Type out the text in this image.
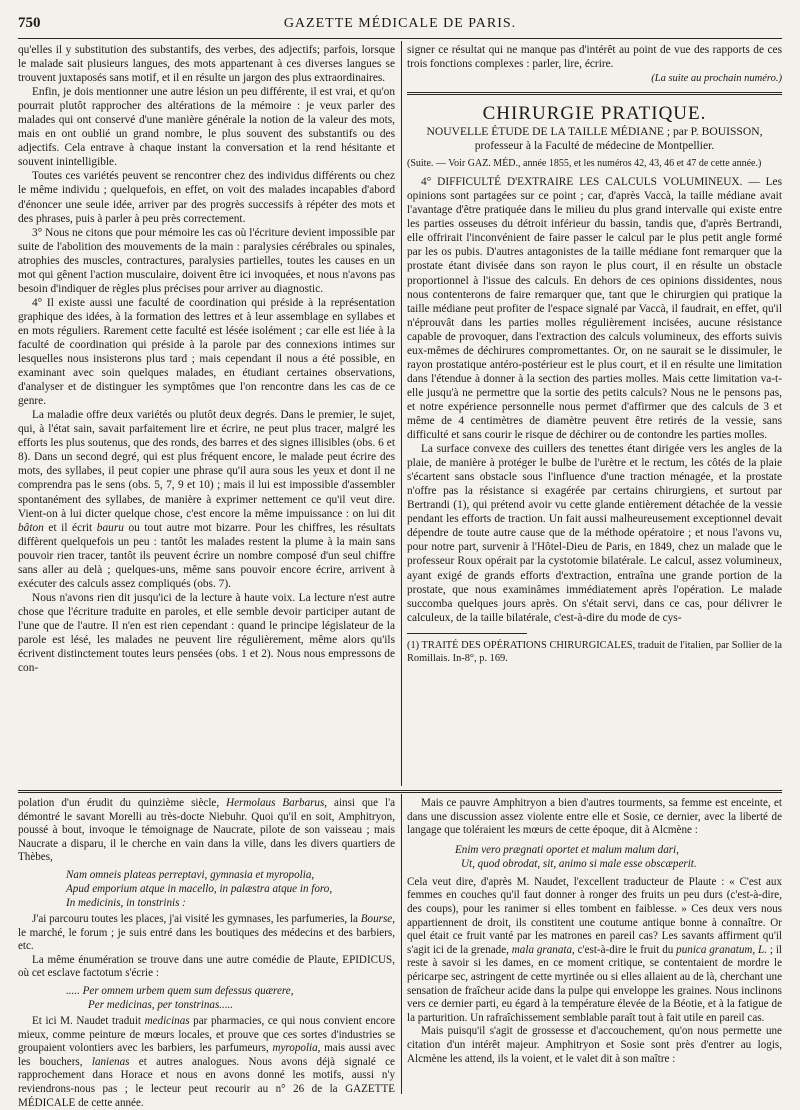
750	GAZETTE MÉDICALE DE PARIS.

qu'elles il y substitution des substantifs, des verbes, des adjectifs; parfois, lorsque le malade sait plusieurs langues, des mots appartenant à ces diverses langues se trouvent juxtaposés sans motif, et il en résulte un jargon des plus extraordinaires.

Enfin, je dois mentionner une autre lésion un peu différente, il est vrai, et qu'on pourrait plutôt rapprocher des altérations de la mémoire : je veux parler des malades qui ont conservé d'une manière générale la notion de la valeur des mots, mais en ont oublié un grand nombre, le plus souvent des substantifs ou des adjectifs. Cela entrave à chaque instant la conversation et la rend hésitante et souvent inintelligible.

Toutes ces variétés peuvent se rencontrer chez des individus différents ou chez le même individu ; quelquefois, en effet, on voit des malades incapables d'abord d'énoncer une seule idée, arriver par des progrès successifs à répéter des mots et des phrases, puis à parler à peu près correctement.

3° Nous ne citons que pour mémoire les cas où l'écriture devient impossible par suite de l'abolition des mouvements de la main : paralysies cérébrales ou spinales, atrophies des muscles, contractures, paralysies partielles, toutes les causes en un mot qui gênent l'action musculaire, doivent être ici invoquées, et nous n'avons pas besoin d'indiquer de règles plus précises pour arriver au diagnostic.

4° Il existe aussi une faculté de coordination qui préside à la représentation graphique des idées, à la formation des lettres et à leur assemblage en syllabes et en mots réguliers. Rarement cette faculté est lésée isolément ; car elle est liée à la faculté de coordination qui préside à la parole par des connexions intimes sur lesquelles nous insisterons plus tard ; mais cependant il nous a été possible, en examinant avec soin quelques malades, en étudiant certaines observations, d'analyser et de distinguer les symptômes que l'on rencontre dans les cas de ce genre.

La maladie offre deux variétés ou plutôt deux degrés. Dans le premier, le sujet, qui, à l'état sain, savait parfaitement lire et écrire, ne peut plus tracer, malgré les efforts les plus soutenus, que des ronds, des barres et des signes illisibles (obs. 6 et 8). Dans un second degré, qui est plus fréquent encore, le malade peut écrire des mots, des syllabes, il peut copier une phrase qu'il aura sous les yeux et dont il ne comprendra pas le sens (obs. 5, 7, 9 et 10) ; mais il lui est impossible d'assembler spontanément des syllabes, de manière à exprimer nettement ce qu'il veut dire. Vient-on à lui dicter quelque chose, c'est encore la même impuissance : on lui dit bâton et il écrit bauru ou tout autre mot bizarre. Pour les chiffres, les résultats diffèrent quelquefois un peu : tantôt les malades restent la plume à la main sans pouvoir rien tracer, tantôt ils peuvent écrire un nombre composé d'un seul chiffre sans aller au delà ; quelques-uns, même sans pouvoir encore écrire, arrivent à exécuter des calculs assez compliqués (obs. 7).

Nous n'avons rien dit jusqu'ici de la lecture à haute voix. La lecture n'est autre chose que l'écriture traduite en paroles, et elle semble devoir participer autant de l'une que de l'autre. Il n'en est rien cependant : quand le principe législateur de la parole est lésé, les malades ne peuvent lire régulièrement, même alors qu'ils écrivent distinctement toutes leurs pensées (obs. 1 et 2). Nous nous empressons de con-

signer ce résultat qui ne manque pas d'intérêt au point de vue des rapports de ces trois fonctions complexes : parler, lire, écrire.

(La suite au prochain numéro.)
CHIRURGIE PRATIQUE.
NOUVELLE ÉTUDE DE LA TAILLE MÉDIANE ; par P. BOUISSON,
professeur à la Faculté de médecine de Montpellier.
(Suite. — Voir GAZ. MÉD., année 1855, et les numéros 42, 43, 46 et 47 de cette année.)

4° DIFFICULTÉ D'EXTRAIRE LES CALCULS VOLUMINEUX. — Les opinions sont partagées sur ce point ; car, d'après Vaccà, la taille médiane avait l'avantage d'être pratiquée dans le milieu du plus grand intervalle qui existe entre les parties osseuses du détroit inférieur du bassin, tandis que, d'après Bertrandi, elle offrirait l'inconvénient de faire passer le calcul par le plus petit angle formé par les os pubis. D'autres antagonistes de la taille médiane font remarquer que la prostate étant divisée dans son rayon le plus court, il en résulte un obstacle proportionnel à l'issue des calculs. En dehors de ces opinions dissidentes, nous nous contenterons de faire remarquer que, tant que le chirurgien qui pratique la taille médiane peut profiter de l'espace signalé par Vaccà, il faudrait, en effet, qu'il n'éprouvât dans les parties molles régulièrement incisées, aucune résistance capable de provoquer, dans l'extraction des calculs volumineux, des efforts suivis eux-mêmes de déchirures compromettantes. Or, on ne saurait se le dissimuler, le rayon prostatique antéro-postérieur est le plus court, et il en résulte une limitation dans l'étendue à donner à la section des parties molles. Mais cette limitation va-t-elle jusqu'à ne permettre que la sortie des petits calculs? Nous ne le pensons pas, et notre expérience personnelle nous permet d'affirmer que des calculs de 3 et même de 4 centimètres de diamètre peuvent être retirés de la vessie, sans difficulté et sans courir le risque de déchirer ou de contondre les parties molles.

La surface convexe des cuillers des tenettes étant dirigée vers les angles de la plaie, de manière à protéger le bulbe de l'urètre et le rectum, les côtés de la plaie s'écartent sans obstacle sous l'influence d'une traction ménagée, et la prostate n'offre pas la résistance si exagérée par certains chirurgiens, et surtout par Bertrandi (1), qui prétend avoir vu cette glande entièrement détachée de la vessie pendant les efforts de traction. Un fait aussi malheureusement exceptionnel devait dépendre de toute autre cause que de la méthode opératoire ; et nous l'avons vu, pour notre part, survenir à l'Hôtel-Dieu de Paris, en 1849, chez un malade que le professeur Roux opérait par la cystotomie bilatérale. Le calcul, assez volumineux, ayant exigé de grands efforts d'extraction, entraîna une grande portion de la prostate, que nous examinâmes immédiatement après l'opération. Le malade succomba quelques jours après. On s'était servi, dans ce cas, pour délivrer le calculeux, de la taille bilatérale, c'est-à-dire du mode de cys-

(1) TRAITÉ DES OPÉRATIONS CHIRURGICALES, traduit de l'italien, par Sollier de la Romillais. In-8°, p. 169.

polation d'un érudit du quinzième siècle, Hermolaus Barbarus, ainsi que l'a démontré le savant Morelli au très-docte Niebuhr. Quoi qu'il en soit, Amphitryon, poussé à bout, invoque le témoignage de Naucrate, pilote de son vaisseau ; mais Naucrate a disparu, il le cherche en vain dans la ville, dans les divers quartiers de Thèbes,

Nam omneis plateas perreptavi, gymnasia et myropolia,

Apud emporium atque in macello, in palæstra atque in foro,

In medicinis, in tonstrinis :

J'ai parcouru toutes les places, j'ai visité les gymnases, les parfumeries, la Bourse, le marché, le forum ; je suis entré dans les boutiques des médecins et des barbiers, etc.

La même énumération se trouve dans une autre comédie de Plaute, EPIDICUS, où cet esclave factotum s'écrie :

..... Per omnem urbem quem sum defessus quærere,

Per medicinas, per tonstrinas.....

Et ici M. Naudet traduit medicinas par pharmacies, ce qui nous convient encore mieux, comme peinture de mœurs locales, et prouve que ces sortes d'industries se groupaient volontiers avec les barbiers, les parfumeurs, myropolia, mais aussi avec les bouchers, lanienas et autres analogues. Nous avons déjà signalé ce rapprochement dans Horace et nous en avons donné les motifs, aussi n'y reviendrons-nous pas ; le lecteur peut recourir au n° 26 de la GAZETTE MÉDICALE de cette année.

Mais ce pauvre Amphitryon a bien d'autres tourments, sa femme est enceinte, et dans une discussion assez violente entre elle et Sosie, ce dernier, avec la liberté de langage que toléraient les mœurs de cette époque, dit à Alcmène :

Enim vero prægnati oportet et malum malum dari,

Ut, quod obrodat, sit, animo si male esse obscæperit.

Cela veut dire, d'après M. Naudet, l'excellent traducteur de Plaute : « C'est aux femmes en couches qu'il faut donner à ronger des fruits un peu durs (c'est-à-dire, des coups), pour les ranimer si elles tombent en faiblesse. » Ces deux vers nous appartiennent de droit, ils constitent une coutume antique bonne à connaître. Or quel était ce fruit vanté par les matrones en pareil cas? Les savants affirment qu'il s'agit ici de la grenade, mala granata, c'est-à-dire le fruit du punica granatum, L. ; il reste à savoir si les dames, en ce moment critique, se contentaient de mordre le péricarpe sec, astringent de cette myrtinée ou si elles allaient au de là, cherchant une sensation de fraîcheur acide dans la pulpe qui enveloppe les graines. Nous inclinons vers ce dernier parti, eu égard à la température élevée de la Béotie, et à la fatigue de la parturition. Un rafraîchissement semblable paraît tout à fait utile en pareil cas.

Mais puisqu'il s'agit de grossesse et d'accouchement, qu'on nous permette une citation d'un intérêt majeur. Amphitryon et Sosie sont près d'entrer au logis, Alcmène les attend, ils la voient, et le valet dit à son maître :
